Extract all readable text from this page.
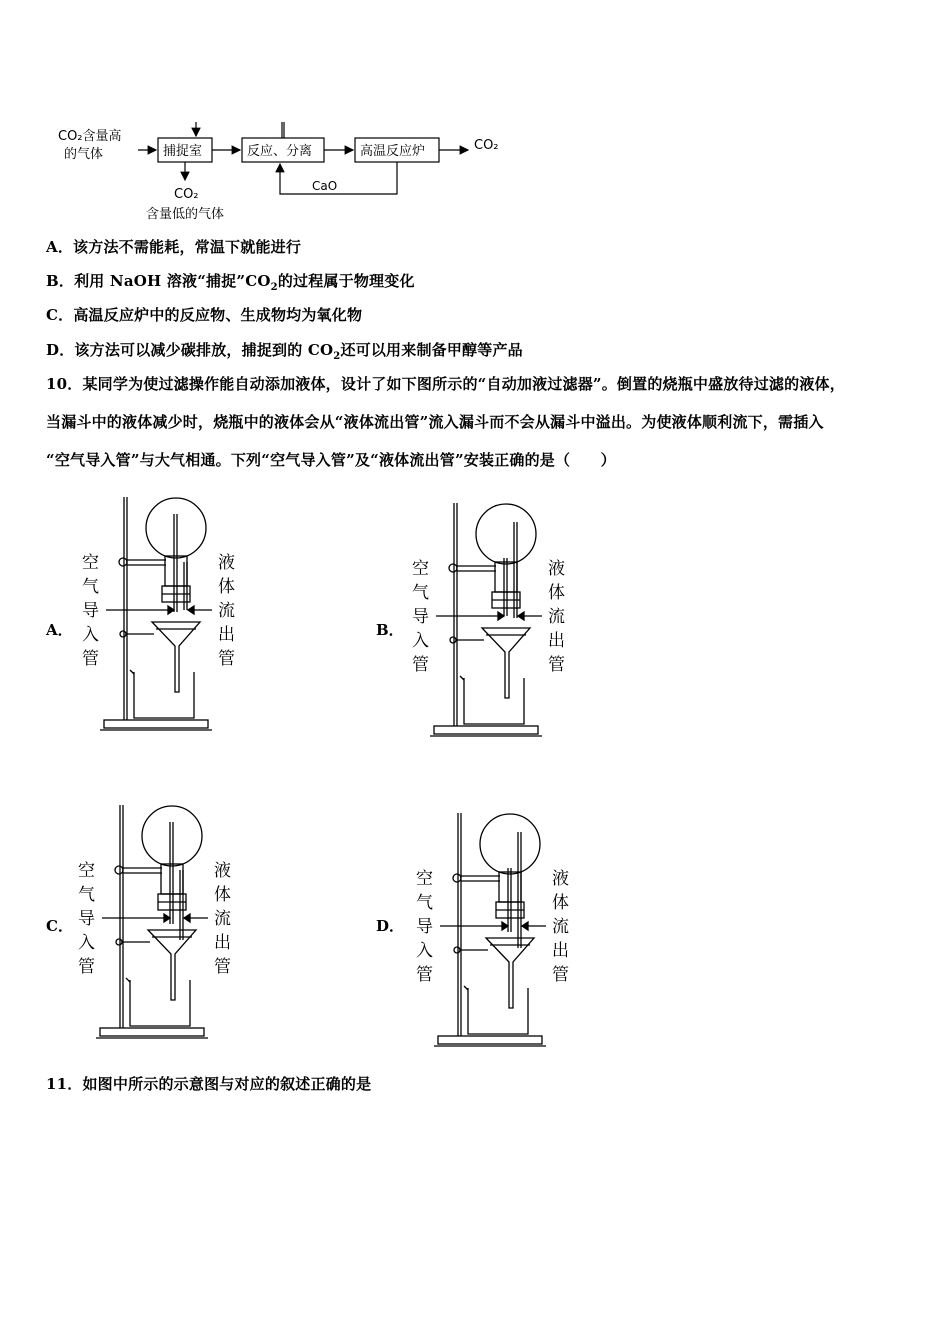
CO₂含量高
的气体	捕捉室	反应、分离	高温反应炉	CO₂
CaO
CO₂
含量低的气体
A．该方法不需能耗，常温下就能进行
B．利用 NaOH 溶液“捕捉$”CO_2$的过程属于物理变化
C．高温反应炉中的反应物、生成物均为氧化物
D．该方法可以减少碳排放，捕捉到的 $CO_2$还可以用来制备甲醇等产品
10．某同学为使过滤操作能自动添加液体，设计了如下图所示的“自动加液过滤器”。倒置的烧瓶中盛放待过滤的液体，
当漏斗中的液体减少时，烧瓶中的液体会从“液体流出管”流入漏斗而不会从漏斗中溢出。为使液体顺利流下，需插入
“空气导入管”与大气相通。下列“空气导入管”及“液体流出管”安装正确的是（　　）
A．	B．
C．	D．
空
气
导
入
管
液
体
流
出
管
空
气
导
入
管
液
体
流
出
管
空
气
导
入
管
液
体
流
出
管
空
气
导
入
管
液
体
流
出
管
11．如图中所示的示意图与对应的叙述正确的是
